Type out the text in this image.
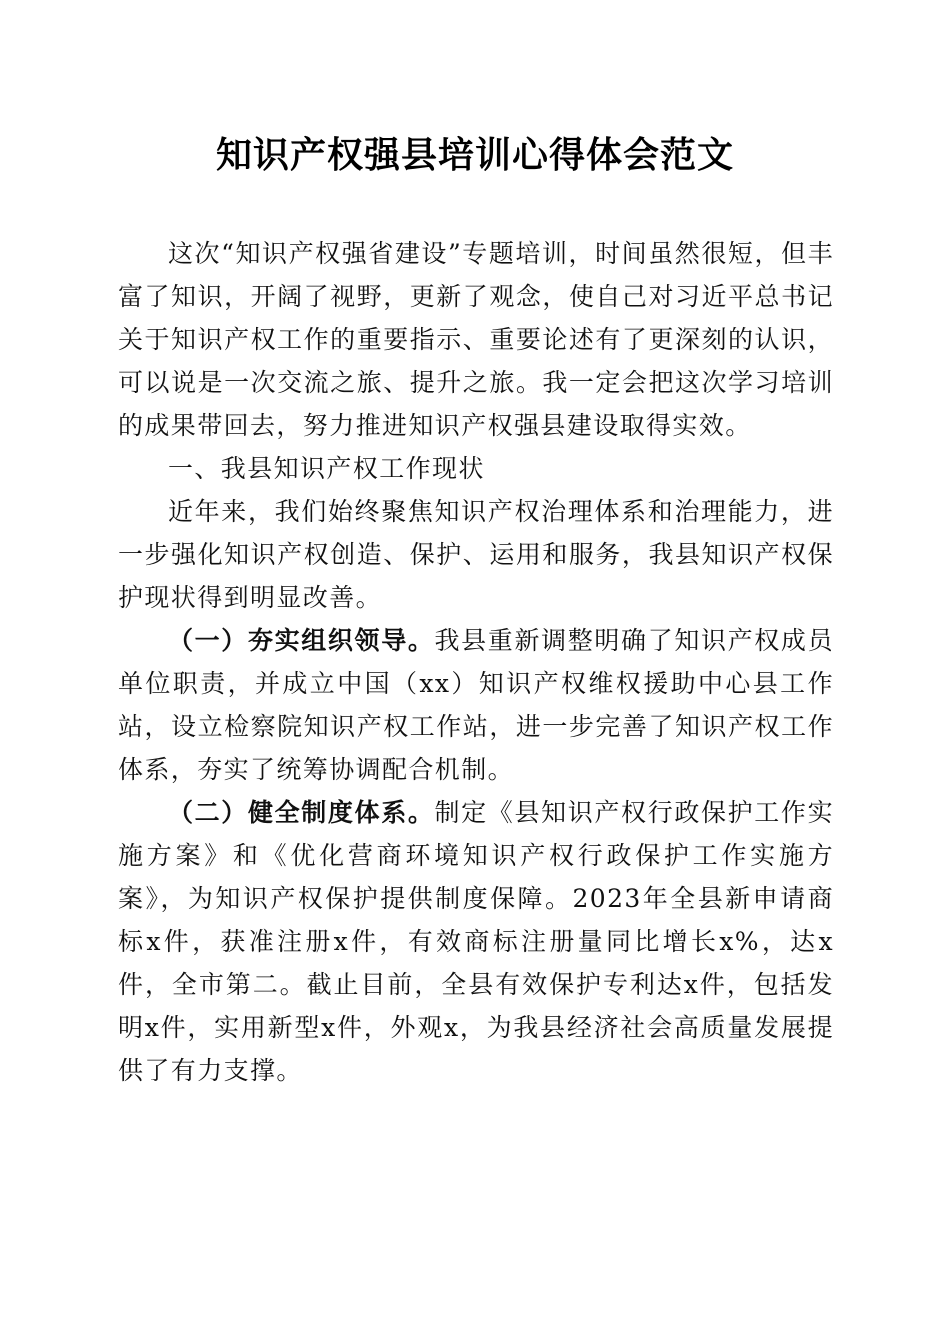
知识产权强县培训心得体会范文

这次“知识产权强省建设”专题培训，时间虽然很短，但丰富了知识，开阔了视野，更新了观念，使自己对习近平总书记关于知识产权工作的重要指示、重要论述有了更深刻的认识，可以说是一次交流之旅、提升之旅。我一定会把这次学习培训的成果带回去，努力推进知识产权强县建设取得实效。

一、我县知识产权工作现状

近年来，我们始终聚焦知识产权治理体系和治理能力，进一步强化知识产权创造、保护、运用和服务，我县知识产权保护现状得到明显改善。

（一）夯实组织领导。我县重新调整明确了知识产权成员单位职责，并成立中国（xx）知识产权维权援助中心县工作站，设立检察院知识产权工作站，进一步完善了知识产权工作体系，夯实了统筹协调配合机制。

（二）健全制度体系。制定《县知识产权行政保护工作实施方案》和《优化营商环境知识产权行政保护工作实施方案》，为知识产权保护提供制度保障。2023年全县新申请商标x件，获准注册x件，有效商标注册量同比增长x%，达x件，全市第二。截止目前，全县有效保护专利达x件，包括发明x件，实用新型x件，外观x，为我县经济社会高质量发展提供了有力支撑。
